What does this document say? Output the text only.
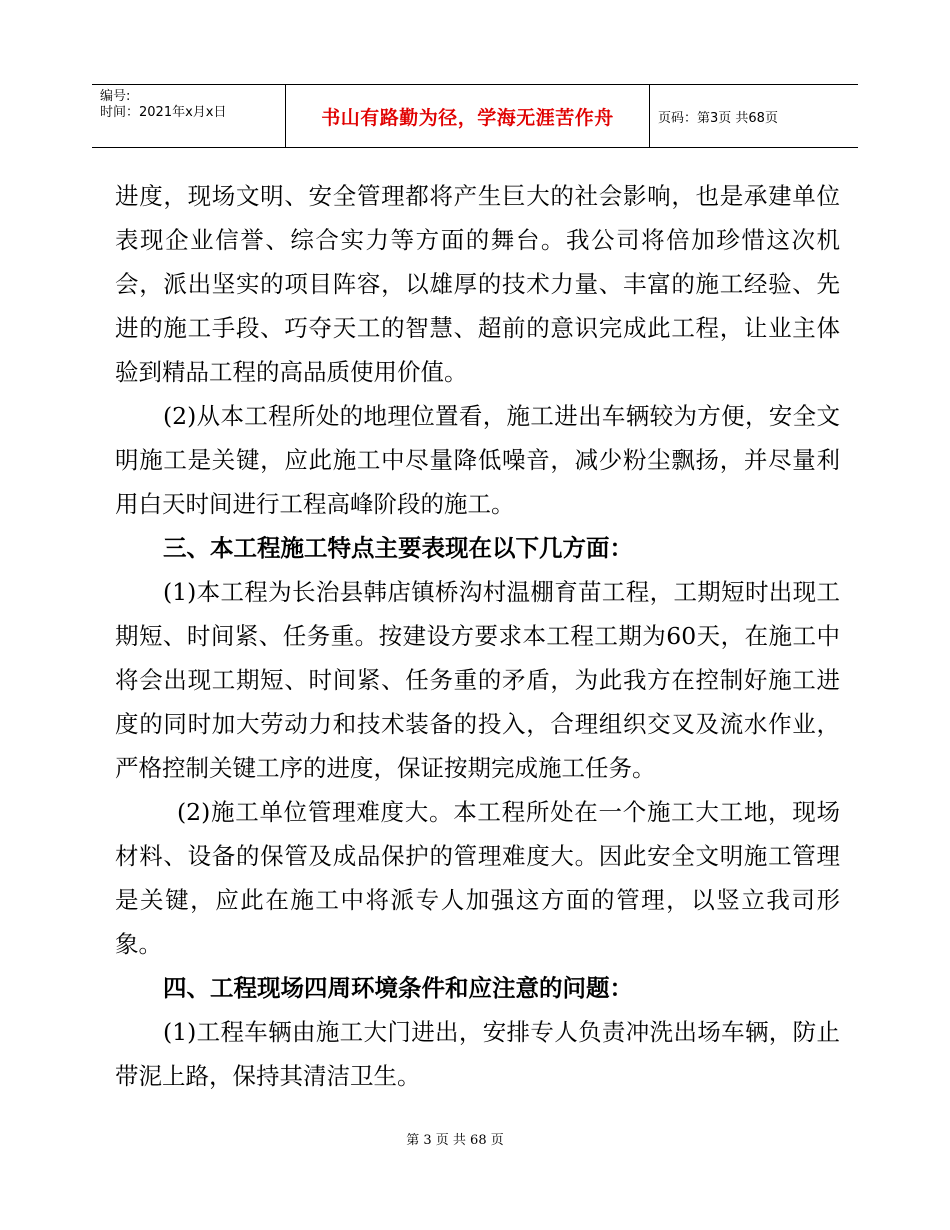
编号:
时间：2021年x月x日	书山有路勤为径，学海无涯苦作舟	页码：第3页 共68页

进度，现场文明、安全管理都将产生巨大的社会影响，也是承建单位表现企业信誉、综合实力等方面的舞台。我公司将倍加珍惜这次机会，派出坚实的项目阵容，以雄厚的技术力量、丰富的施工经验、先进的施工手段、巧夺天工的智慧、超前的意识完成此工程，让业主体验到精品工程的高品质使用价值。

(2)从本工程所处的地理位置看，施工进出车辆较为方便，安全文明施工是关键，应此施工中尽量降低噪音，减少粉尘飘扬，并尽量利用白天时间进行工程高峰阶段的施工。

三、本工程施工特点主要表现在以下几方面：

(1)本工程为长治县韩店镇桥沟村温棚育苗工程，工期短时出现工期短、时间紧、任务重。按建设方要求本工程工期为60天，在施工中将会出现工期短、时间紧、任务重的矛盾，为此我方在控制好施工进度的同时加大劳动力和技术装备的投入，合理组织交叉及流水作业，严格控制关键工序的进度，保证按期完成施工任务。

(2)施工单位管理难度大。本工程所处在一个施工大工地，现场材料、设备的保管及成品保护的管理难度大。因此安全文明施工管理是关键，应此在施工中将派专人加强这方面的管理，以竖立我司形象。

四、工程现场四周环境条件和应注意的问题：

(1)工程车辆由施工大门进出，安排专人负责冲洗出场车辆，防止带泥上路，保持其清洁卫生。

第 3 页 共 68 页
